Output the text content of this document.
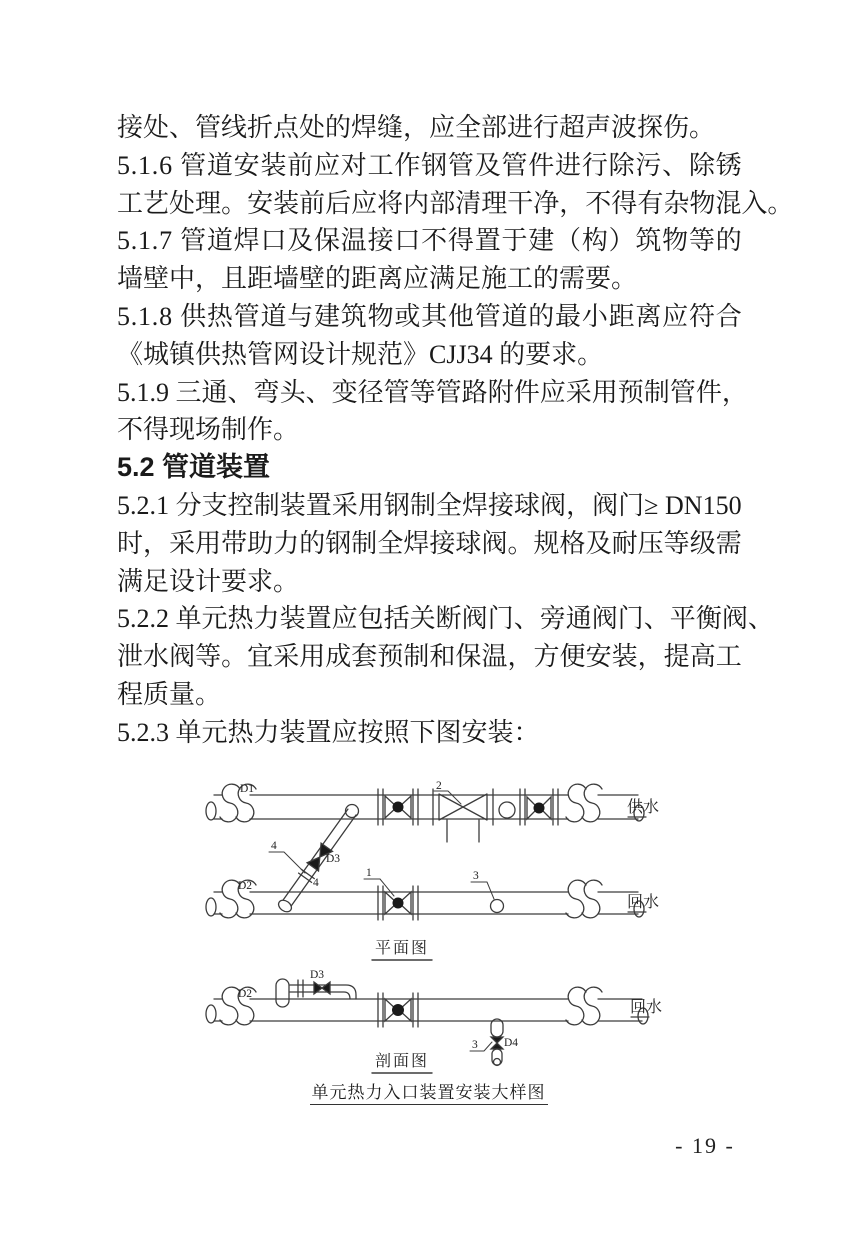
接处、管线折点处的焊缝，应全部进行超声波探伤。
5 . 1 . 6
管 道 安 装 前 应 对 工 作 钢 管 及 管 件 进 行 除 污 、 除 锈
工 艺 处 理 。 安 装 前 后 应 将 内 部 清 理 干 净 ， 不 得 有 杂 物 混 入 。
5 . 1 . 7
管 道 焊 口 及 保 温 接 口 不 得 置 于 建 （ 构 ） 筑 物 等 的
墙壁中，且距墙壁的距离应满足施工的需要。
5 . 1 . 8
供 热 管 道 与 建 筑 物 或 其 他 管 道 的 最 小 距 离 应 符 合
《城镇供热管网设计规范》CJJ34 的要求。
5 . 1 . 9
三 通 、 弯 头 、 变 径 管 等 管 路 附 件 应 采 用 预 制 管 件 ，
不得现场制作。
5.2 管道装置
5 . 2 . 1
分 支 控 制 装 置 采 用 钢 制 全 焊 接 球 阀 ， 阀 门 ≥
D N 1 5 0
时 ， 采 用 带 助 力 的 钢 制 全 焊 接 球 阀 。 规 格 及 耐 压 等 级 需
满足设计要求。
5 . 2 . 2
单 元 热 力 装 置 应 包 括 关 断 阀 门 、 旁 通 阀 门 、 平 衡 阀 、
泄 水 阀 等 。 宜 采 用 成 套 预 制 和 保 温 ， 方 便 安 装 ， 提 高 工
程质量。
5.2.3 单元热力装置应按照下图安装：
D1	2
供水
D3
4
4
D2
1	3
回水
平面图
D2
D3
D4
3
回水
剖面图
单元热力入口装置安装大样图
- 19 -
